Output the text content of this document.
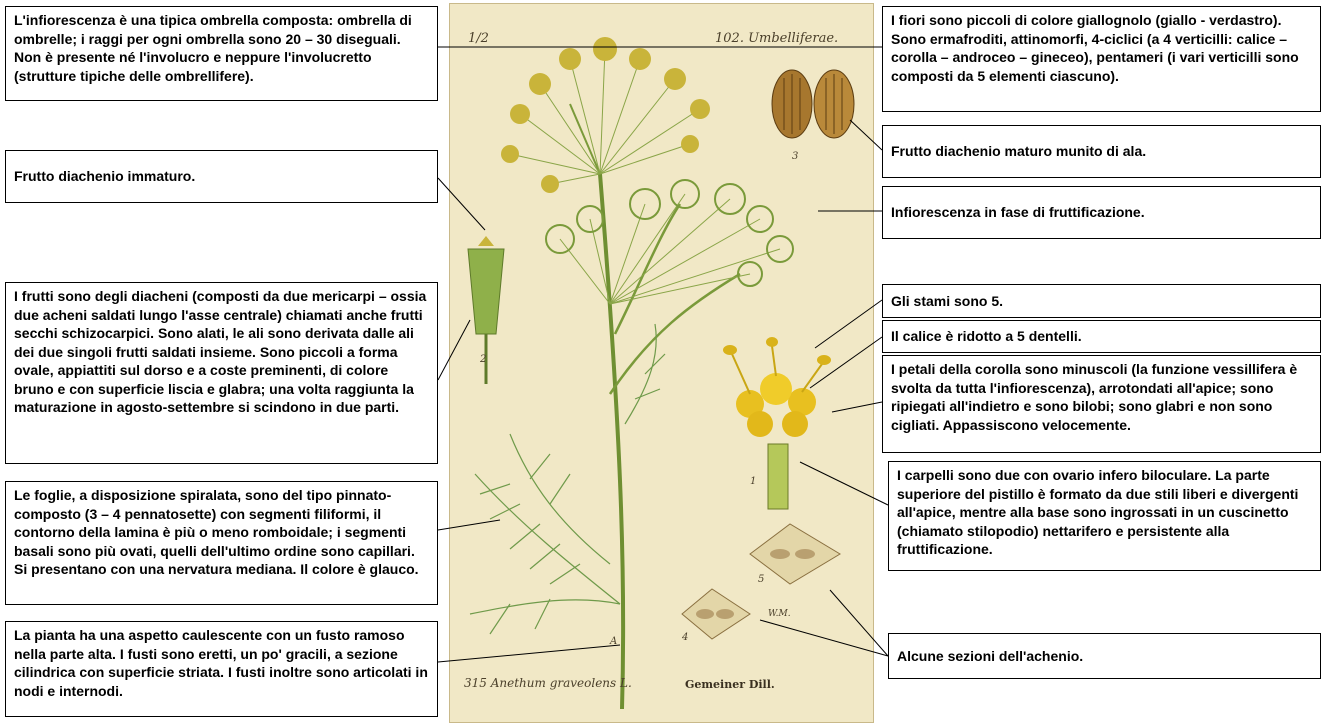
1/2	102. Umbelliferae.
2
3
1
5
4
W.M.
A
315 Anethum graveolens L.	Gemeiner Dill.
L'infiorescenza è una tipica ombrella composta: ombrella di ombrelle; i raggi per ogni ombrella sono 20 – 30 diseguali. Non è presente né l'involucro e neppure l'involucretto (strutture tipiche delle ombrellifere).
Frutto diachenio immaturo.
I frutti sono degli diacheni (composti da due mericarpi – ossia due acheni saldati lungo l'asse centrale) chiamati anche frutti secchi schizocarpici. Sono alati, le ali sono derivata dalle ali dei due singoli frutti saldati insieme. Sono piccoli a forma ovale, appiattiti sul dorso e a coste preminenti, di colore bruno e con superficie liscia e glabra; una volta raggiunta la maturazione in agosto-settembre si scindono in due parti.
Le foglie, a disposizione spiralata, sono del tipo pinnato-composto (3 – 4 pennatosette) con segmenti filiformi, il contorno della lamina è più o meno romboidale; i segmenti basali sono più ovati, quelli dell'ultimo ordine sono capillari. Si presentano con una nervatura mediana. Il colore è glauco.
La pianta ha una aspetto caulescente con un fusto ramoso nella parte alta. I fusti sono eretti, un po' gracili, a sezione cilindrica con superficie striata. I fusti inoltre sono articolati in nodi e internodi.
I fiori sono piccoli di colore giallognolo (giallo - verdastro). Sono ermafroditi, attinomorfi, 4-ciclici (a 4 verticilli: calice – corolla – androceo – gineceo), pentameri (i vari verticilli sono composti da 5 elementi ciascuno).
Frutto diachenio maturo munito di ala.
Infiorescenza in fase di fruttificazione.
Gli stami sono 5.
Il calice è ridotto a 5 dentelli.
I petali della corolla sono minuscoli (la funzione vessillifera è svolta da tutta l'infiorescenza), arrotondati all'apice; sono ripiegati all'indietro e sono bilobi; sono glabri e non sono cigliati. Appassiscono velocemente.
I carpelli sono due con ovario infero biloculare. La parte superiore del pistillo è formato da due stili liberi e divergenti all'apice, mentre alla base sono ingrossati in un cuscinetto (chiamato stilopodio) nettarifero e persistente alla fruttificazione.
Alcune sezioni dell'achenio.
